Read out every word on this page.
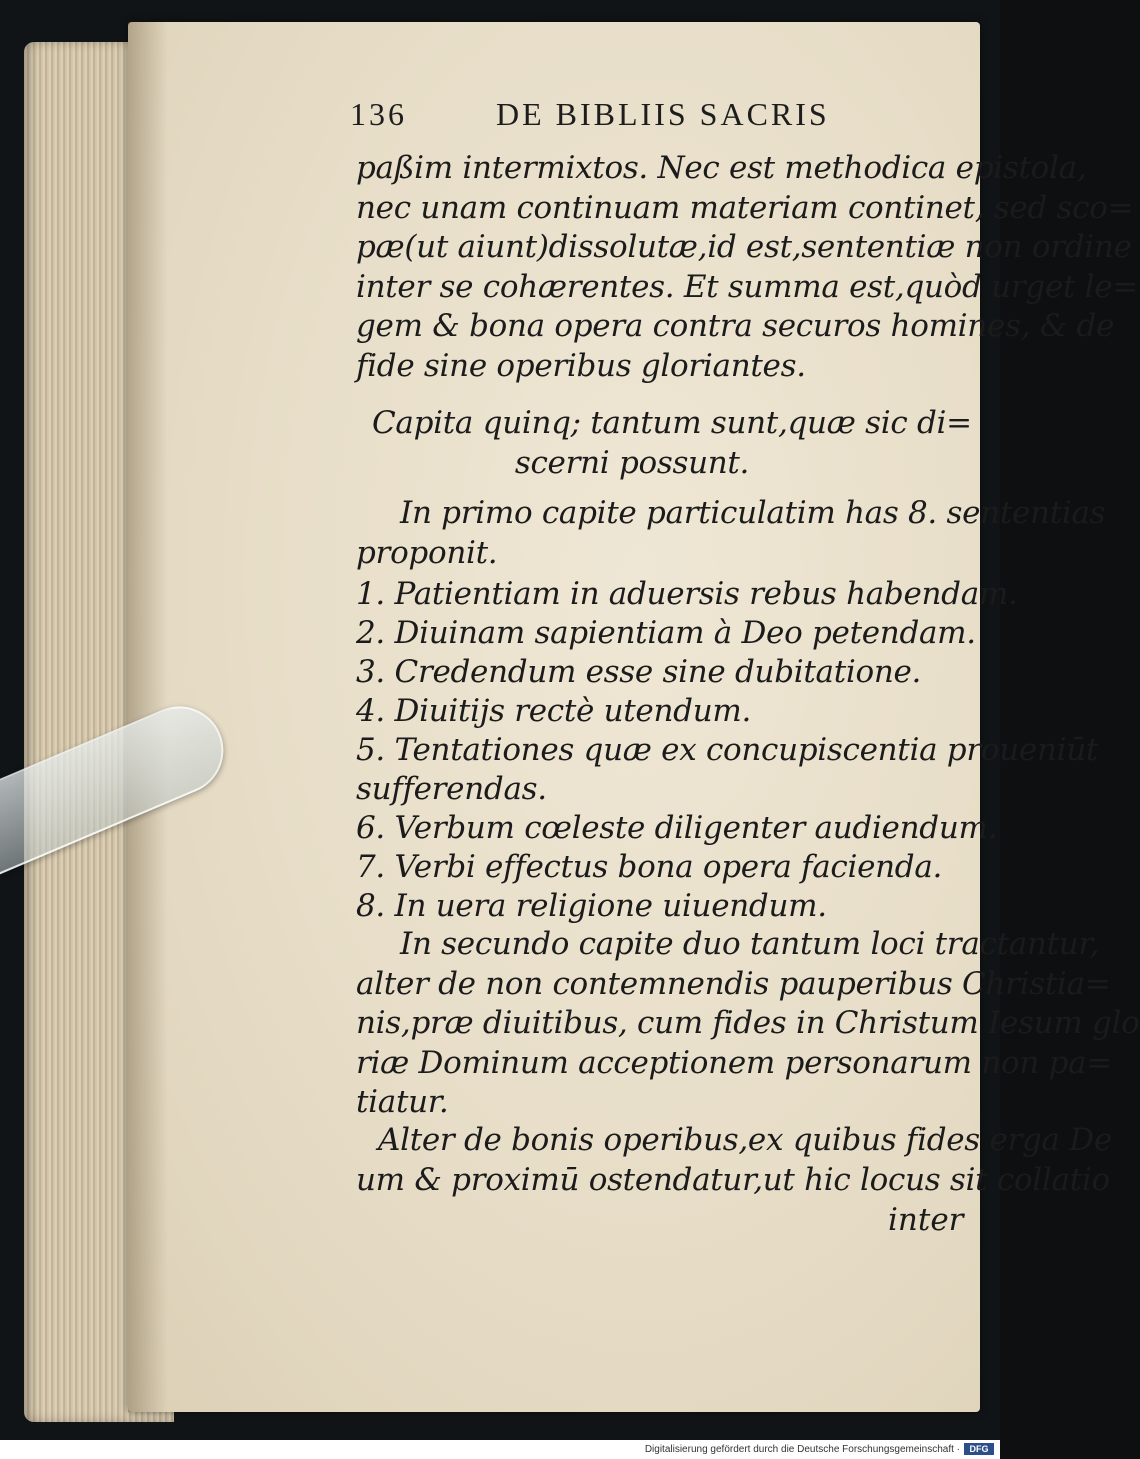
136	DE BIBLIIS SACRIS
paßim intermixtos. Nec est methodica epistola,
nec unam continuam materiam continet, sed sco=
pæ(ut aiunt)dissolutæ,id est,sententiæ non ordine
inter se cohærentes. Et summa est,quòd urget le=
gem & bona opera contra securos homines, & de
fide sine operibus gloriantes.
Capita quinq; tantum sunt,quæ sic di=
scerni possunt.
In primo capite particulatim has 8. sententias
proponit.
1. Patientiam in aduersis rebus habendam.
2. Diuinam sapientiam à Deo petendam.
3. Credendum esse sine dubitatione.
4. Diuitijs rectè utendum.
5. Tentationes quæ ex concupiscentia proueniūt
sufferendas.
6. Verbum cœleste diligenter audiendum.
7. Verbi effectus bona opera facienda.
8. In uera religione uiuendum.
In secundo capite duo tantum loci tractantur,
alter de non contemnendis pauperibus Christia=
nis,præ diuitibus, cum fides in Christum Iesum glo
riæ Dominum acceptionem personarum non pa=
tiatur.
Alter de bonis operibus,ex quibus fides erga De
um & proximū ostendatur,ut hic locus sit collatio
inter
Digitalisierung gefördert durch die Deutsche Forschungsgemeinschaft ·	DFG
